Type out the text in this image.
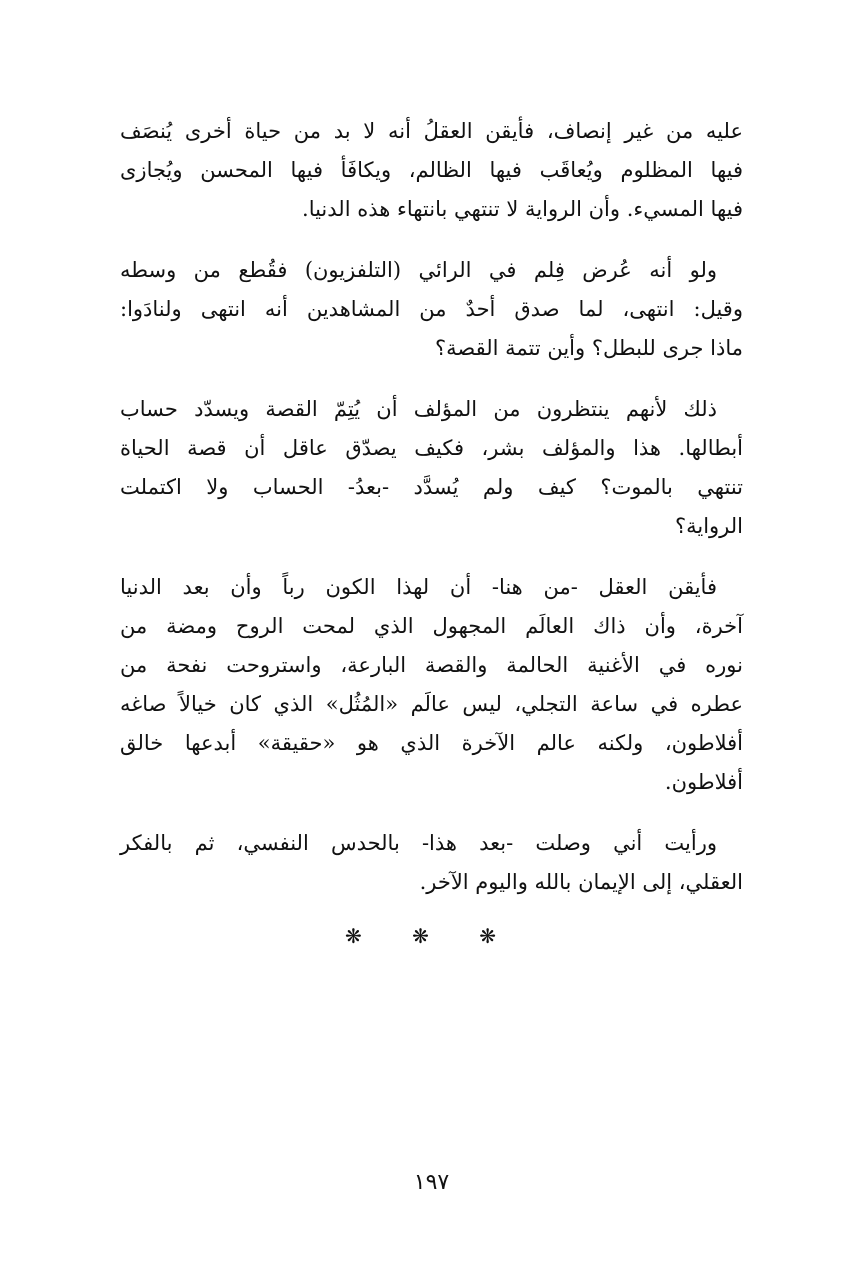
عليه من غير إنصاف، فأيقن العقلُ أنه لا بد من حياة أخرى يُنصَف
فيها المظلوم ويُعاقَب فيها الظالم، ويكافَأ فيها المحسن ويُجازى
فيها المسيء. وأن الرواية لا تنتهي بانتهاء هذه الدنيا.
ولو أنه عُرض فِلم في الرائي (التلفزيون) فقُطع من وسطه
وقيل: انتهى، لما صدق أحدٌ من المشاهدين أنه انتهى ولنادَوا:
ماذا جرى للبطل؟ وأين تتمة القصة؟
ذلك لأنهم ينتظرون من المؤلف أن يُتِمّ القصة ويسدّد حساب
أبطالها. هذا والمؤلف بشر، فكيف يصدّق عاقل أن قصة الحياة
تنتهي بالموت؟ كيف ولم يُسدَّد -بعدُ- الحساب ولا اكتملت
الرواية؟
فأيقن العقل -من هنا- أن لهذا الكون رباً وأن بعد الدنيا
آخرة، وأن ذاك العالَم المجهول الذي لمحت الروح ومضة من
نوره في الأغنية الحالمة والقصة البارعة، واستروحت نفحة من
عطره في ساعة التجلي، ليس عالَم «المُثُل» الذي كان خيالاً صاغه
أفلاطون، ولكنه عالم الآخرة الذي هو «حقيقة» أبدعها خالق
أفلاطون.
ورأيت أني وصلت -بعد هذا- بالحدس النفسي، ثم بالفكر
العقلي، إلى الإيمان بالله واليوم الآخر.
❋ ❋ ❋
١٩٧
